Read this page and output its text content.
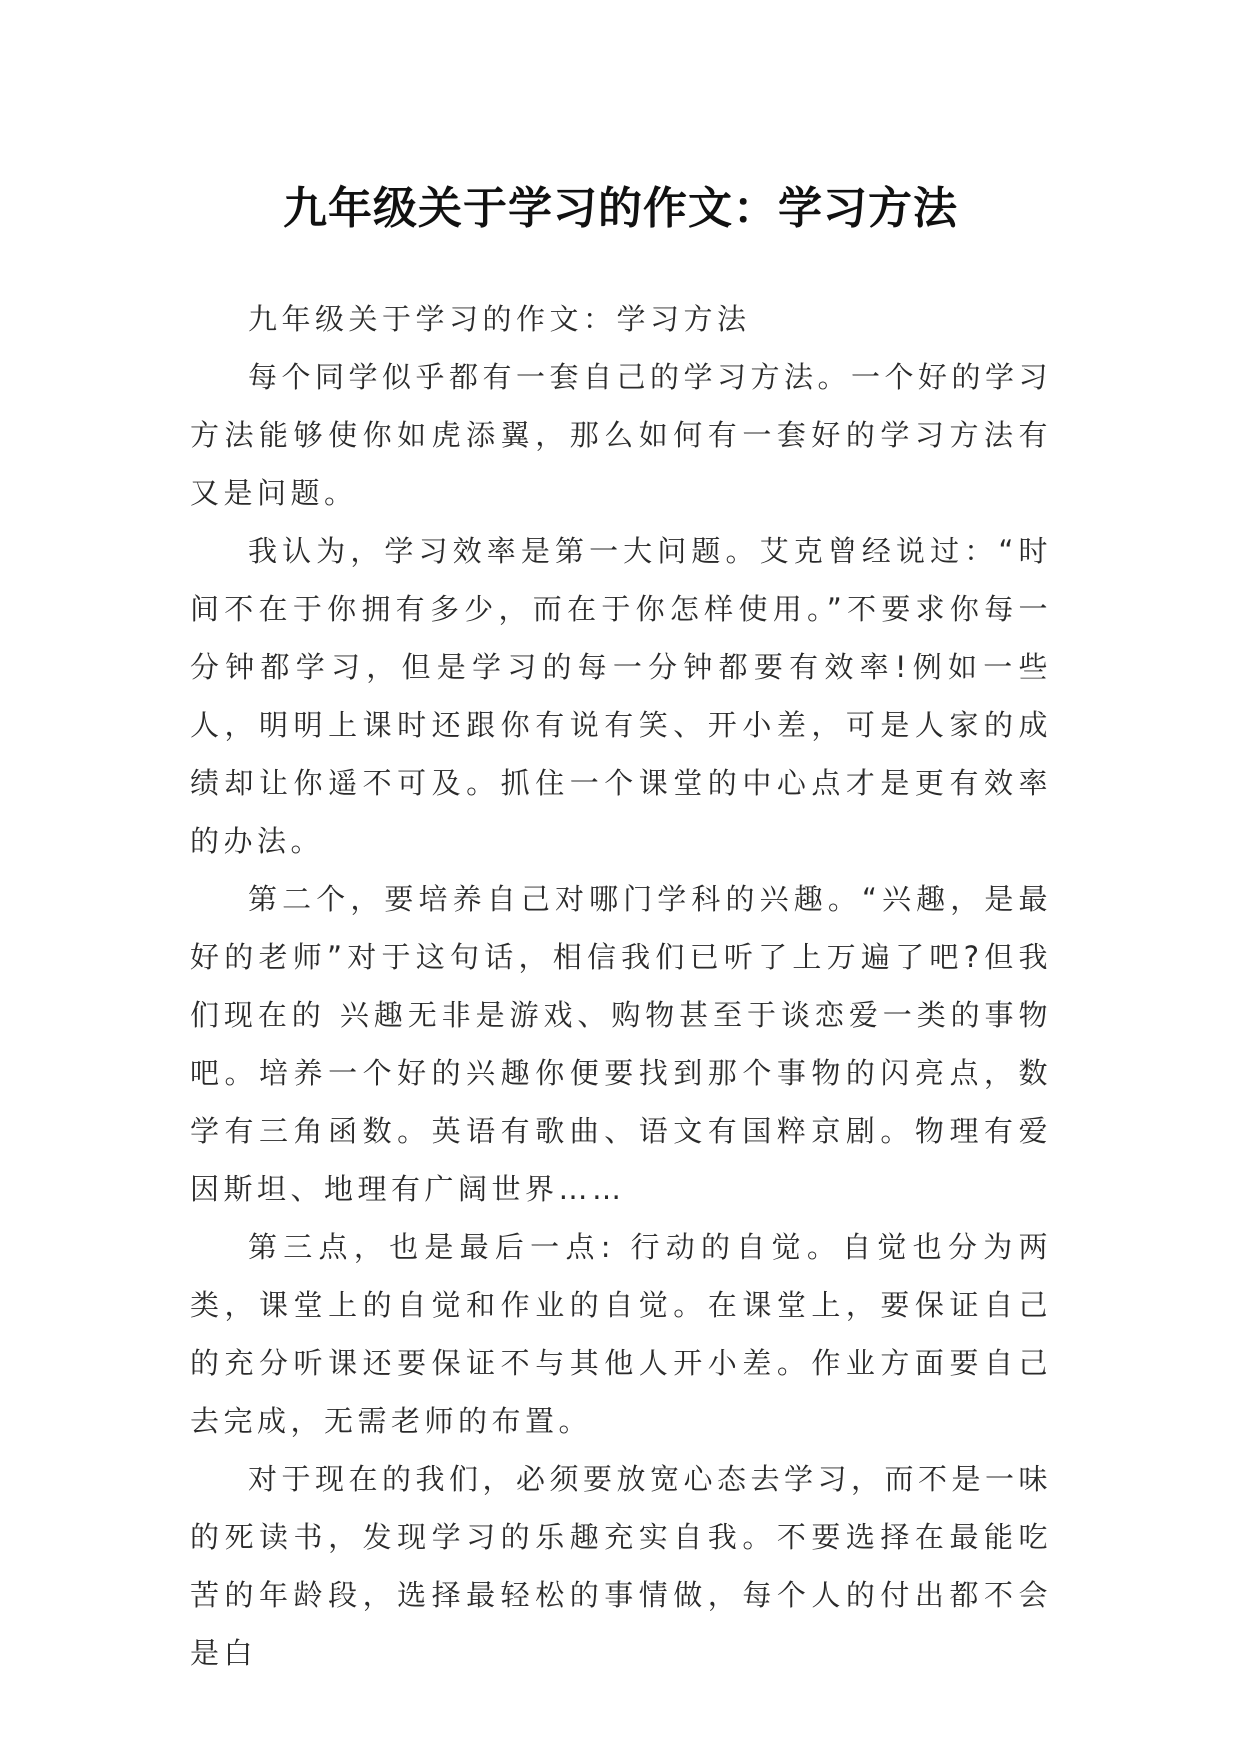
九年级关于学习的作文：学习方法

九年级关于学习的作文：学习方法

每个同学似乎都有一套自己的学习方法。一个好的学习方法能够使你如虎添翼，那么如何有一套好的学习方法有又是问题。

我认为，学习效率是第一大问题。艾克曾经说过：“时间不在于你拥有多少，而在于你怎样使用。”不要求你每一分钟都学习，但是学习的每一分钟都要有效率!例如一些人，明明上课时还跟你有说有笑、开小差，可是人家的成绩却让你遥不可及。抓住一个课堂的中心点才是更有效率的办法。

第二个，要培养自己对哪门学科的兴趣。“兴趣，是最好的老师”对于这句话，相信我们已听了上万遍了吧?但我们现在的 兴趣无非是游戏、购物甚至于谈恋爱一类的事物吧。培养一个好的兴趣你便要找到那个事物的闪亮点，数学有三角函数。英语有歌曲、语文有国粹京剧。物理有爱因斯坦、地理有广阔世界……

第三点，也是最后一点: 行动的自觉。自觉也分为两类，课堂上的自觉和作业的自觉。在课堂上，要保证自己的充分听课还要保证不与其他人开小差。作业方面要自己去完成，无需老师的布置。

对于现在的我们，必须要放宽心态去学习，而不是一味的死读书，发现学习的乐趣充实自我。不要选择在最能吃苦的年龄段，选择最轻松的事情做，每个人的付出都不会是白
